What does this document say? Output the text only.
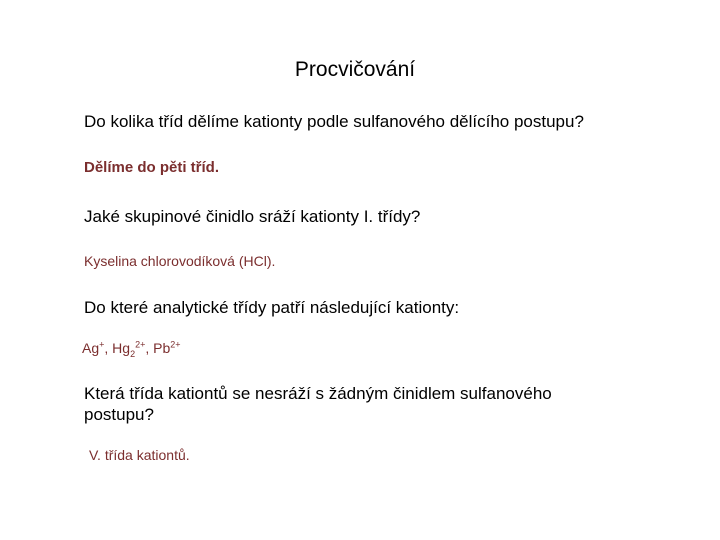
Procvičování
Do kolika tříd dělíme kationty podle sulfanového dělícího postupu?
Dělíme do pěti tříd.
Jaké skupinové činidlo sráží kationty I. třídy?
Kyselina chlorovodíková (HCl).
Do které analytické třídy patří následující kationty:
Ag+, $Hg_2^{2+}$, $Pb^{2+}$
Která třída kationtů se nesráží s žádným činidlem sulfanového postupu?
V. třída kationtů.
